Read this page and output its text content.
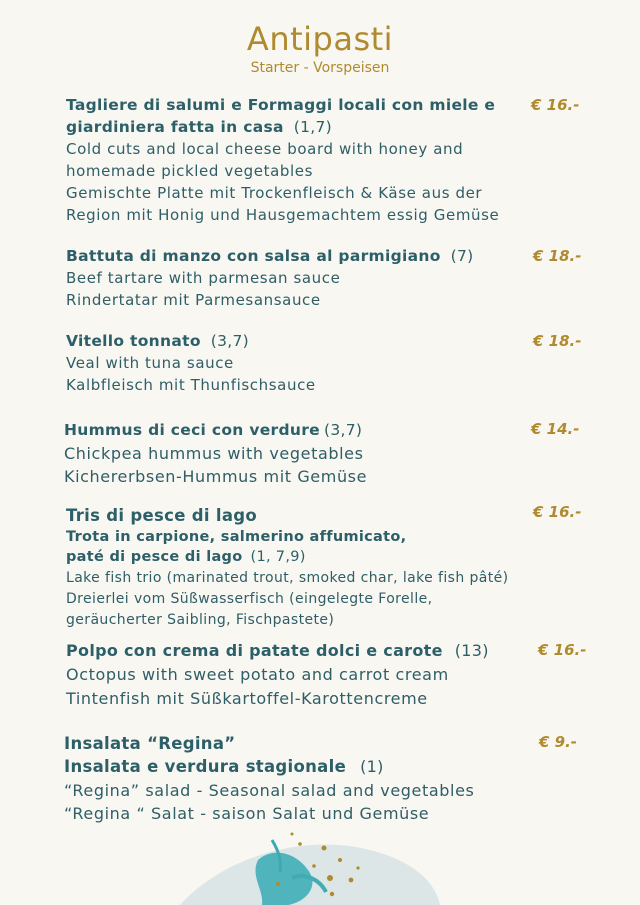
Antipasti
Starter - Vorspeisen
Tagliere di salumi e Formaggi locali con miele e
giardiniera fatta in casa (1,7)
Cold cuts and local cheese board with honey and
homemade pickled vegetables
Gemischte Platte mit Trockenfleisch & Käse aus der
Region mit Honig und Hausgemachtem essig Gemüse
€ 16.-
Battuta di manzo con salsa al parmigiano (7)
Beef tartare with parmesan sauce
Rindertatar mit Parmesansauce
€ 18.-
Vitello tonnato (3,7)
Veal with tuna sauce
Kalbfleisch mit Thunfischsauce
€ 18.-
Hummus di ceci con verdure (3,7)
Chickpea hummus with vegetables
Kichererbsen-Hummus mit Gemüse
€ 14.-
Tris di pesce di lago
Trota in carpione, salmerino affumicato,
paté di pesce di lago (1, 7,9)
Lake fish trio (marinated trout, smoked char, lake fish pâté)
Dreierlei vom Süßwasserfisch (eingelegte Forelle,
geräucherter Saibling, Fischpastete)
€ 16.-
Polpo con crema di patate dolci e carote (13)
Octopus with sweet potato and carrot cream
Tintenfish mit Süßkartoffel-Karottencreme
€ 16.-
Insalata “Regina”
Insalata e verdura stagionale (1)
“Regina” salad - Seasonal salad and vegetables
“Regina “ Salat - saison Salat und Gemüse
€ 9.-
